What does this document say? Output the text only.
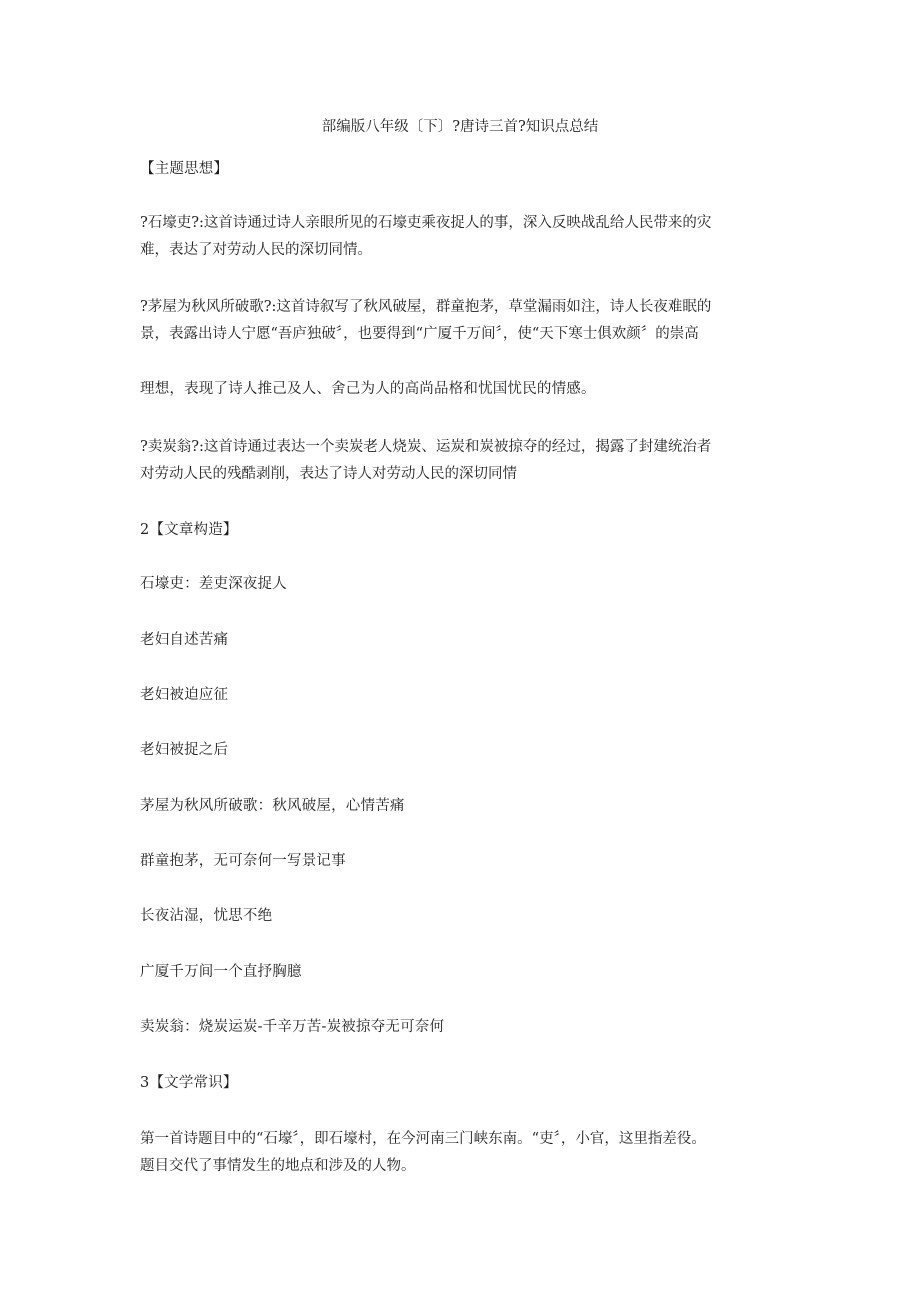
部编版八年级〔下〕?唐诗三首?知识点总结
【主题思想】
?石壕吏?:这首诗通过诗人亲眼所见的石壕吏乘夜捉人的事，深入反映战乱给人民带来的灾
难，表达了对劳动人民的深切同情。
?茅屋为秋风所破歌?:这首诗叙写了秋风破屋，群童抱茅，草堂漏雨如注，诗人长夜难眠的
景，表露出诗人宁愿“吾庐独破〞，也要得到“广厦千万间〞，使“天下寒士俱欢颜〞的崇高
理想，表现了诗人推己及人、舍己为人的高尚品格和忧国忧民的情感。
?卖炭翁?:这首诗通过表达一个卖炭老人烧炭、运炭和炭被掠夺的经过，揭露了封建统治者
对劳动人民的残酷剥削，表达了诗人对劳动人民的深切同情
2【文章构造】
石壕吏：差吏深夜捉人
老妇自述苦痛
老妇被迫应征
老妇被捉之后
茅屋为秋风所破歌：秋风破屋，心情苦痛
群童抱茅，无可奈何一写景记事
长夜沾湿，忧思不绝
广厦千万间一个直抒胸臆
卖炭翁：烧炭运炭-千辛万苦-炭被掠夺无可奈何
3【文学常识】
第一首诗题目中的“石壕〞，即石壕村，在今河南三门峡东南。“吏〞，小官，这里指差役。
题目交代了事情发生的地点和涉及的人物。
